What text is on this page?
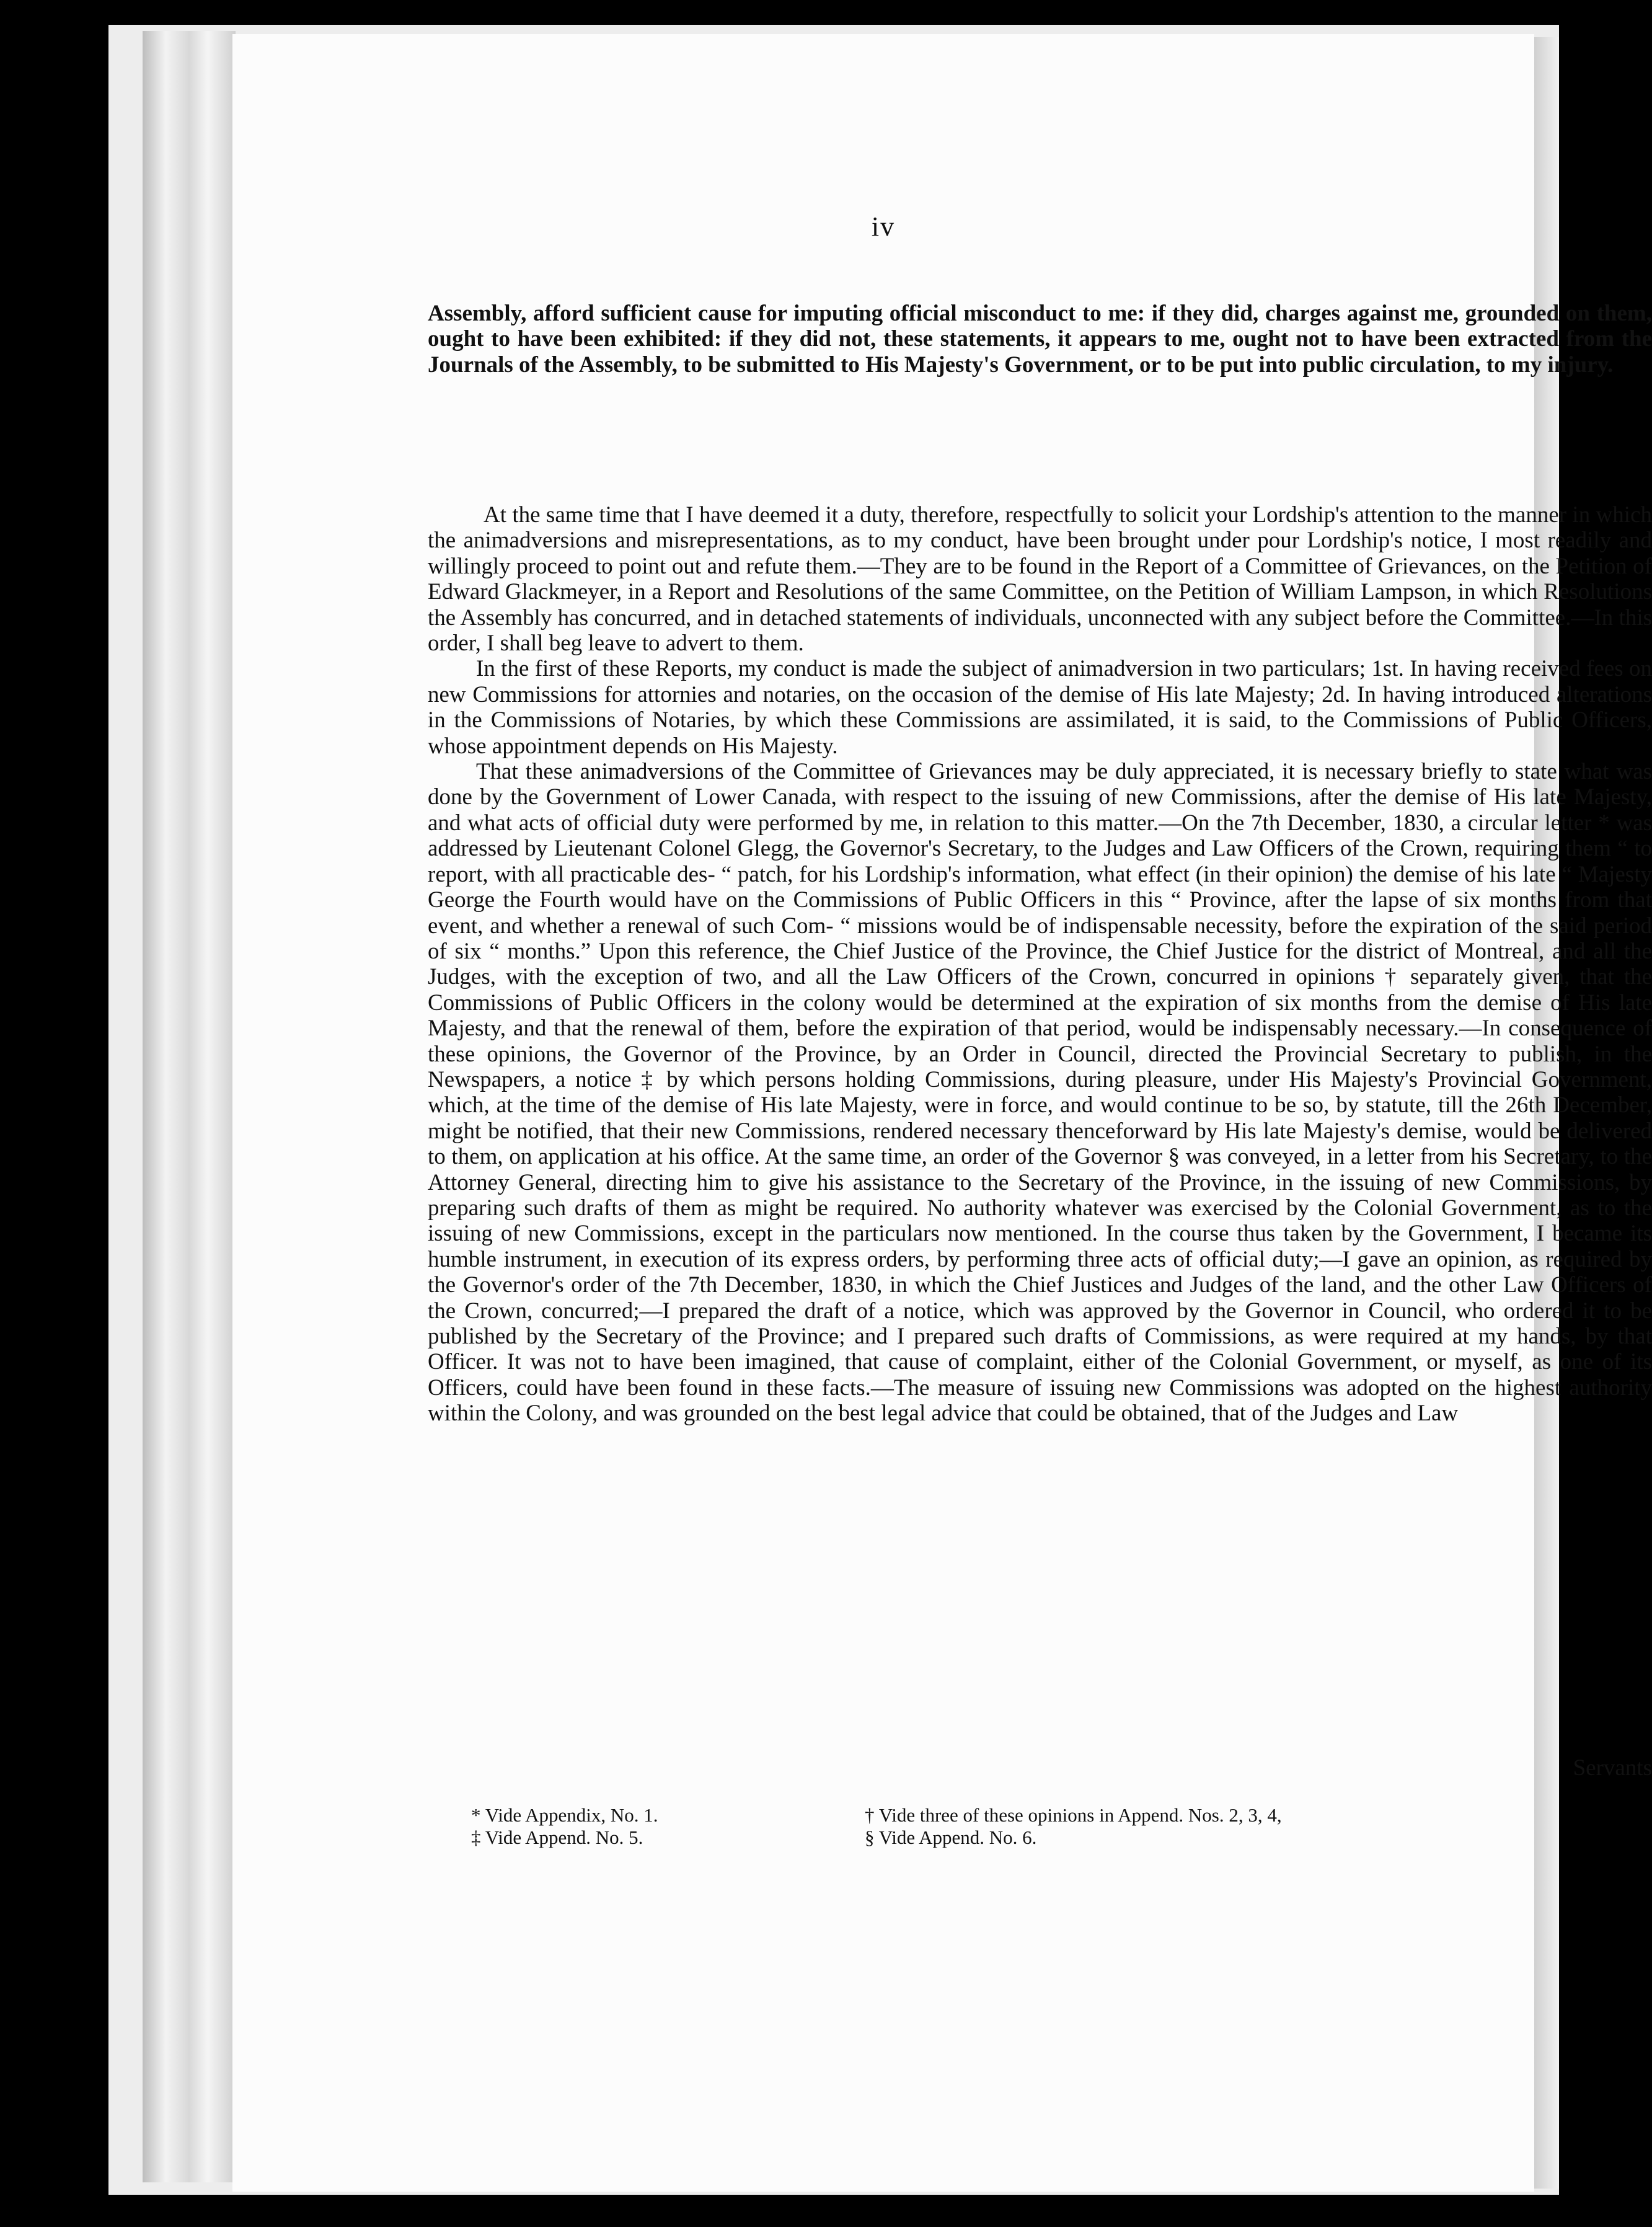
iv
Assembly, afford sufficient cause for imputing official misconduct to me: if they did, charges against me, grounded on them, ought to have been exhibited: if they did not, these statements, it appears to me, ought not to have been extracted from the Journals of the Assembly, to be submitted to His Majesty's Government, or to be put into public circulation, to my injury.

At the same time that I have deemed it a duty, therefore, respectfully to solicit your Lordship's attention to the manner in which the animadversions and misrepresentations, as to my conduct, have been brought under pour Lordship's notice, I most readily and willingly proceed to point out and refute them.—They are to be found in the Report of a Committee of Grievances, on the Petition of Edward Glackmeyer, in a Report and Resolutions of the same Committee, on the Petition of William Lampson, in which Resolutions the Assembly has concurred, and in detached statements of individuals, unconnected with any subject before the Committee.—In this order, I shall beg leave to advert to them.

In the first of these Reports, my conduct is made the subject of animadversion in two particulars; 1st. In having received fees on new Commissions for attornies and notaries, on the occasion of the demise of His late Majesty; 2d. In having introduced alterations in the Commissions of Notaries, by which these Commissions are assimilated, it is said, to the Commissions of Public Officers, whose appointment depends on His Majesty.

That these animadversions of the Committee of Grievances may be duly appreciated, it is necessary briefly to state what was done by the Government of Lower Canada, with respect to the issuing of new Commissions, after the demise of His late Majesty, and what acts of official duty were performed by me, in relation to this matter.—On the 7th December, 1830, a circular letter * was addressed by Lieutenant Colonel Glegg, the Governor's Secretary, to the Judges and Law Officers of the Crown, requiring them “ to report, with all practicable des- “ patch, for his Lordship's information, what effect (in their opinion) the demise of his late “ Majesty George the Fourth would have on the Commissions of Public Officers in this “ Province, after the lapse of six months from that event, and whether a renewal of such Com- “ missions would be of indispensable necessity, before the expiration of the said period of six “ months.” Upon this reference, the Chief Justice of the Province, the Chief Justice for the district of Montreal, and all the Judges, with the exception of two, and all the Law Officers of the Crown, concurred in opinions † separately given, that the Commissions of Public Officers in the colony would be determined at the expiration of six months from the demise of His late Majesty, and that the renewal of them, before the expiration of that period, would be indispensably necessary.—In consequence of these opinions, the Governor of the Province, by an Order in Council, directed the Provincial Secretary to publish, in the Newspapers, a notice ‡ by which persons holding Commissions, during pleasure, under His Majesty's Provincial Government, which, at the time of the demise of His late Majesty, were in force, and would continue to be so, by statute, till the 26th December, might be notified, that their new Commissions, rendered necessary thenceforward by His late Majesty's demise, would be delivered to them, on application at his office. At the same time, an order of the Governor § was conveyed, in a letter from his Secretary, to the Attorney General, directing him to give his assistance to the Secretary of the Province, in the issuing of new Commissions, by preparing such drafts of them as might be required. No authority whatever was exercised by the Colonial Government, as to the issuing of new Commissions, except in the particulars now mentioned. In the course thus taken by the Government, I became its humble instrument, in execution of its express orders, by performing three acts of official duty;—I gave an opinion, as required by the Governor's order of the 7th December, 1830, in which the Chief Justices and Judges of the land, and the other Law Officers of the Crown, concurred;—I prepared the draft of a notice, which was approved by the Governor in Council, who ordered it to be published by the Secretary of the Province; and I prepared such drafts of Commissions, as were required at my hands, by that Officer. It was not to have been imagined, that cause of complaint, either of the Colonial Government, or myself, as one of its Officers, could have been found in these facts.—The measure of issuing new Commissions was adopted on the highest authority within the Colony, and was grounded on the best legal advice that could be obtained, that of the Judges and Law

Servants
* Vide Appendix, No. 1.
‡ Vide Append. No. 5.
† Vide three of these opinions in Append. Nos. 2, 3, 4,
§ Vide Append. No. 6.
